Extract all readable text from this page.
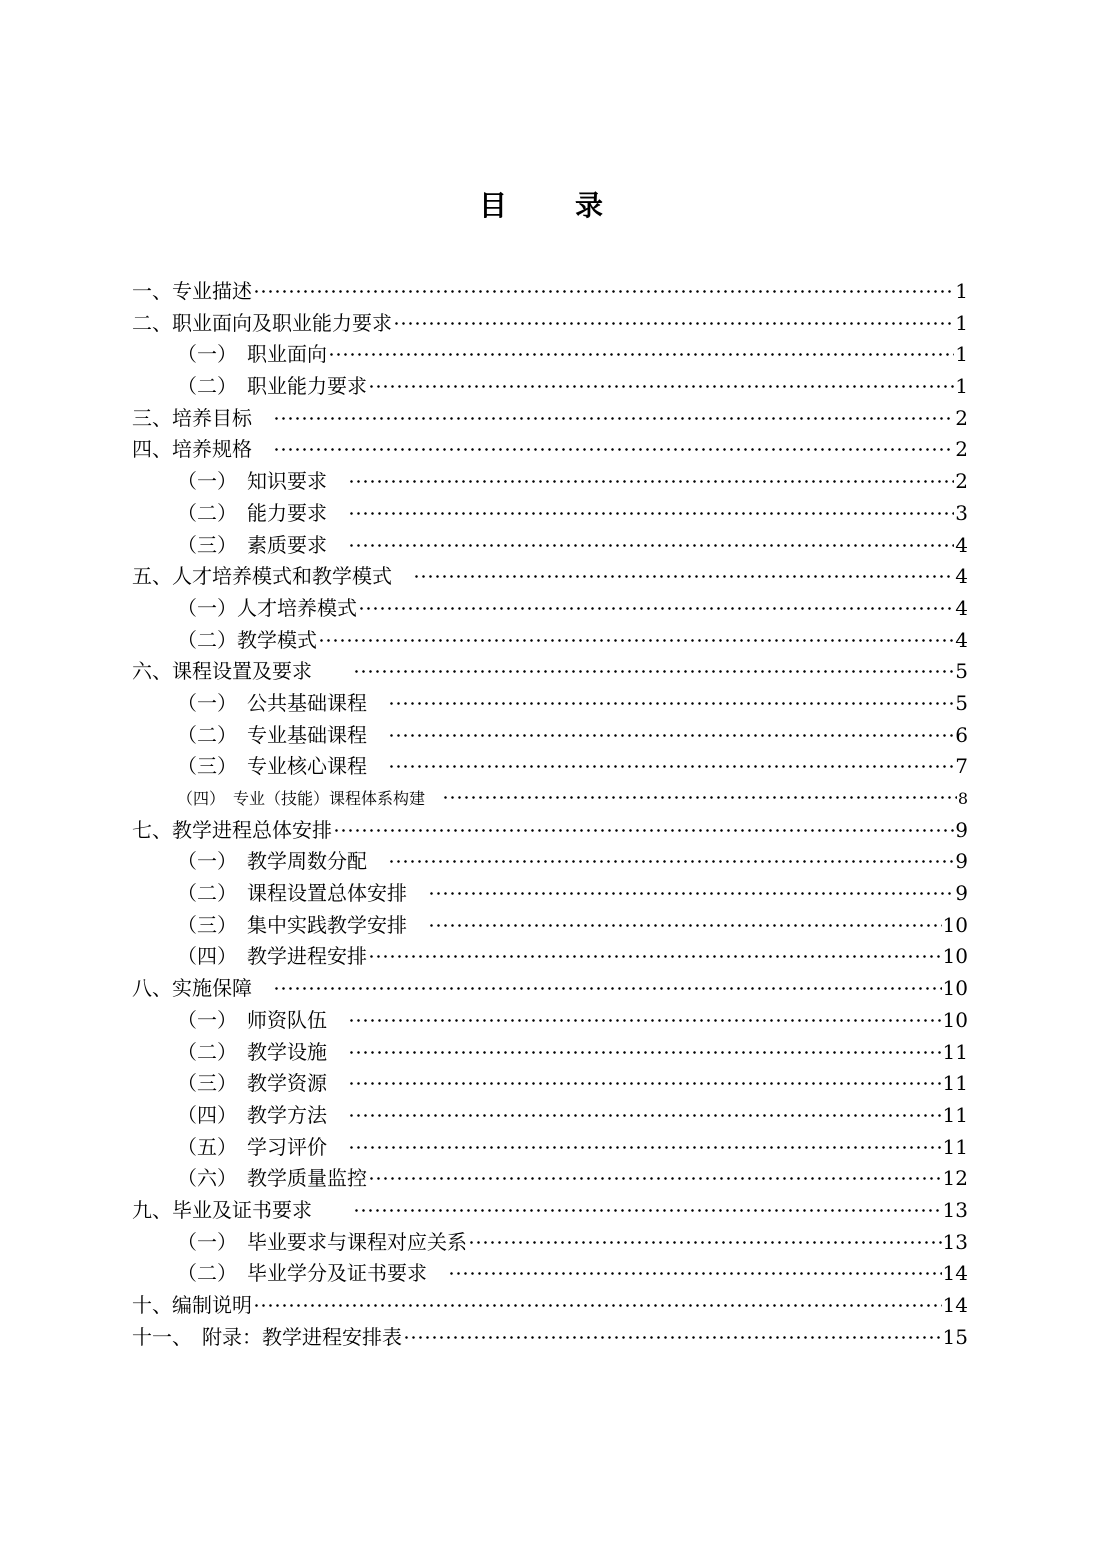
目　录
一、专业描述	1
二、职业面向及职业能力要求	1
（一）　职业面向	1
（二）　职业能力要求	1
三、培养目标　	2
四、培养规格　	2
（一）　知识要求　	2
（二）　能力要求　	3
（三）　素质要求　	4
五、人才培养模式和教学模式　	4
（一）人才培养模式	4
（二）教学模式	4
六、课程设置及要求　　	5
（一）　公共基础课程　	5
（二）　专业基础课程　	6
（三）　专业核心课程　	7
（四）　专业（技能）课程体系构建　	8
七、教学进程总体安排	9
（一）　教学周数分配　	9
（二）　课程设置总体安排　	9
（三）　集中实践教学安排　	10
（四）　教学进程安排	10
八、实施保障　	10
（一）　师资队伍　	10
（二）　教学设施　	11
（三）　教学资源　	11
（四）　教学方法　	11
（五）　学习评价　	11
（六）　教学质量监控	12
九、毕业及证书要求　　	13
（一）　毕业要求与课程对应关系	13
（二）　毕业学分及证书要求　	14
十、编制说明	14
十一、　附录：教学进程安排表	15
